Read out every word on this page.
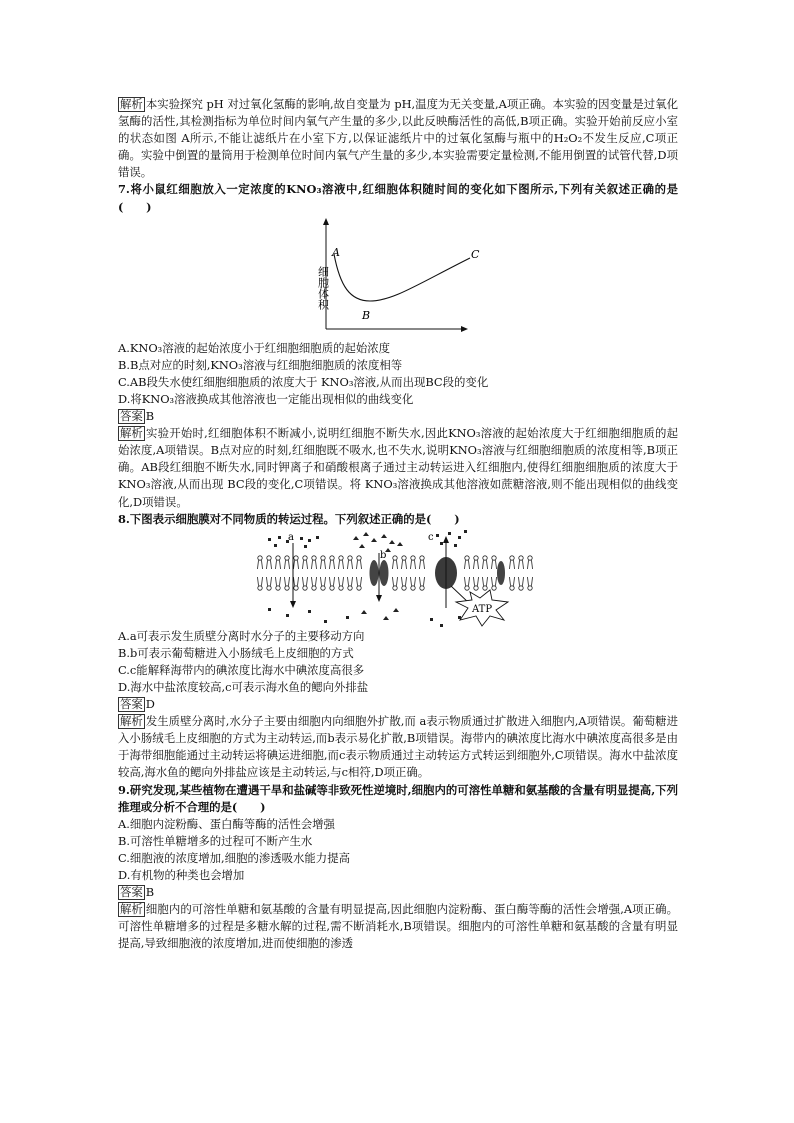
解析 本实验探究 pH 对过氧化氢酶的影响,故自变量为 pH,温度为无关变量,A项正确。本实验的因变量是过氧化氢酶的活性,其检测指标为单位时间内氧气产生量的多少,以此反映酶活性的高低,B项正确。实验开始前反应小室的状态如图 A所示,不能让滤纸片在小室下方,以保证滤纸片中的过氧化氢酶与瓶中的H₂O₂不发生反应,C项正确。实验中倒置的量筒用于检测单位时间内氧气产生量的多少,本实验需要定量检测,不能用倒置的试管代替,D项错误。

7.将小鼠红细胞放入一定浓度的KNO₃溶液中,红细胞体积随时间的变化如下图所示,下列有关叙述正确的是(　　)

细胞体积
A
B
C

A.KNO₃溶液的起始浓度小于红细胞细胞质的起始浓度

B.B点对应的时刻,KNO₃溶液与红细胞细胞质的浓度相等

C.AB段失水使红细胞细胞质的浓度大于 KNO₃溶液,从而出现BC段的变化

D.将KNO₃溶液换成其他溶液也一定能出现相似的曲线变化

答案 B

解析 实验开始时,红细胞体积不断减小,说明红细胞不断失水,因此KNO₃溶液的起始浓度大于红细胞细胞质的起始浓度,A项错误。B点对应的时刻,红细胞既不吸水,也不失水,说明KNO₃溶液与红细胞细胞质的浓度相等,B项正确。AB段红细胞不断失水,同时钾离子和硝酸根离子通过主动转运进入红细胞内,使得红细胞细胞质的浓度大于 KNO₃溶液,从而出现 BC段的变化,C项错误。将 KNO₃溶液换成其他溶液如蔗糖溶液,则不能出现相似的曲线变化,D项错误。

8.下图表示细胞膜对不同物质的转运过程。下列叙述正确的是(　　)

a
b
c
ATP

A.a可表示发生质壁分离时水分子的主要移动方向

B.b可表示葡萄糖进入小肠绒毛上皮细胞的方式

C.c能解释海带内的碘浓度比海水中碘浓度高很多

D.海水中盐浓度较高,c可表示海水鱼的鳃向外排盐

答案 D

解析 发生质壁分离时,水分子主要由细胞内向细胞外扩散,而 a表示物质通过扩散进入细胞内,A项错误。葡萄糖进入小肠绒毛上皮细胞的方式为主动转运,而b表示易化扩散,B项错误。海带内的碘浓度比海水中碘浓度高很多是由于海带细胞能通过主动转运将碘运进细胞,而c表示物质通过主动转运方式转运到细胞外,C项错误。海水中盐浓度较高,海水鱼的鳃向外排盐应该是主动转运,与c相符,D项正确。

9.研究发现,某些植物在遭遇干旱和盐碱等非致死性逆境时,细胞内的可溶性单糖和氨基酸的含量有明显提高,下列推理或分析不合理的是(　　)

A.细胞内淀粉酶、蛋白酶等酶的活性会增强

B.可溶性单糖增多的过程可不断产生水

C.细胞液的浓度增加,细胞的渗透吸水能力提高

D.有机物的种类也会增加

答案 B

解析 细胞内的可溶性单糖和氨基酸的含量有明显提高,因此细胞内淀粉酶、蛋白酶等酶的活性会增强,A项正确。可溶性单糖增多的过程是多糖水解的过程,需不断消耗水,B项错误。细胞内的可溶性单糖和氨基酸的含量有明显提高,导致细胞液的浓度增加,进而使细胞的渗透
